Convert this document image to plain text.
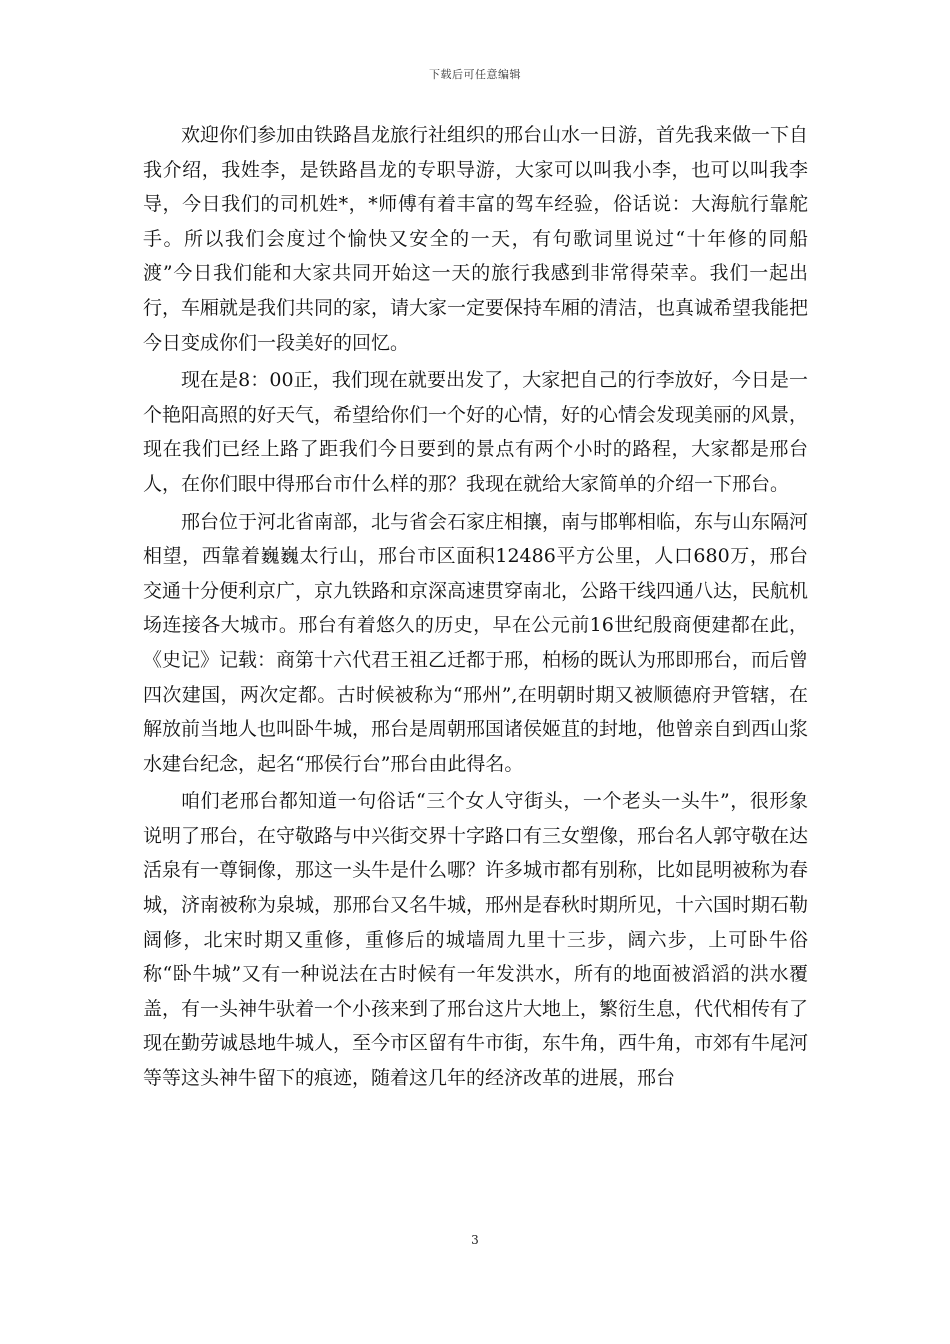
下载后可任意编辑

欢迎你们参加由铁路昌龙旅行社组织的邢台山水一日游，首先我来做一下自我介绍，我姓李，是铁路昌龙的专职导游，大家可以叫我小李，也可以叫我李导，今日我们的司机姓*，*师傅有着丰富的驾车经验，俗话说：大海航行靠舵手。所以我们会度过个愉快又安全的一天，有句歌词里说过“十年修的同船渡”今日我们能和大家共同开始这一天的旅行我感到非常得荣幸。我们一起出行，车厢就是我们共同的家，请大家一定要保持车厢的清洁，也真诚希望我能把今日变成你们一段美好的回忆。

现在是8：00正，我们现在就要出发了，大家把自己的行李放好，今日是一个艳阳高照的好天气，希望给你们一个好的心情，好的心情会发现美丽的风景，现在我们已经上路了距我们今日要到的景点有两个小时的路程，大家都是邢台人，在你们眼中得邢台市什么样的那？我现在就给大家简单的介绍一下邢台。

邢台位于河北省南部，北与省会石家庄相攘，南与邯郸相临，东与山东隔河相望，西靠着巍巍太行山，邢台市区面积12486平方公里，人口680万，邢台交通十分便利京广，京九铁路和京深高速贯穿南北，公路干线四通八达，民航机场连接各大城市。邢台有着悠久的历史，早在公元前16世纪殷商便建都在此，《史记》记载：商第十六代君王祖乙迁都于邢，柏杨的既认为邢即邢台，而后曾四次建国，两次定都。古时候被称为“邢州”,在明朝时期又被顺德府尹管辖，在解放前当地人也叫卧牛城，邢台是周朝邢国诸侯姬苴的封地，他曾亲自到西山浆水建台纪念，起名“邢侯行台”邢台由此得名。

咱们老邢台都知道一句俗话“三个女人守街头，一个老头一头牛”，很形象说明了邢台，在守敬路与中兴街交界十字路口有三女塑像，邢台名人郭守敬在达活泉有一尊铜像，那这一头牛是什么哪？许多城市都有别称，比如昆明被称为春城，济南被称为泉城，那邢台又名牛城，邢州是春秋时期所见，十六国时期石勒阔修，北宋时期又重修，重修后的城墙周九里十三步，阔六步，上可卧牛俗称“卧牛城”又有一种说法在古时候有一年发洪水，所有的地面被滔滔的洪水覆盖，有一头神牛驮着一个小孩来到了邢台这片大地上，繁衍生息，代代相传有了现在勤劳诚恳地牛城人，至今市区留有牛市街，东牛角，西牛角，市郊有牛尾河等等这头神牛留下的痕迹，随着这几年的经济改革的进展，邢台

3
